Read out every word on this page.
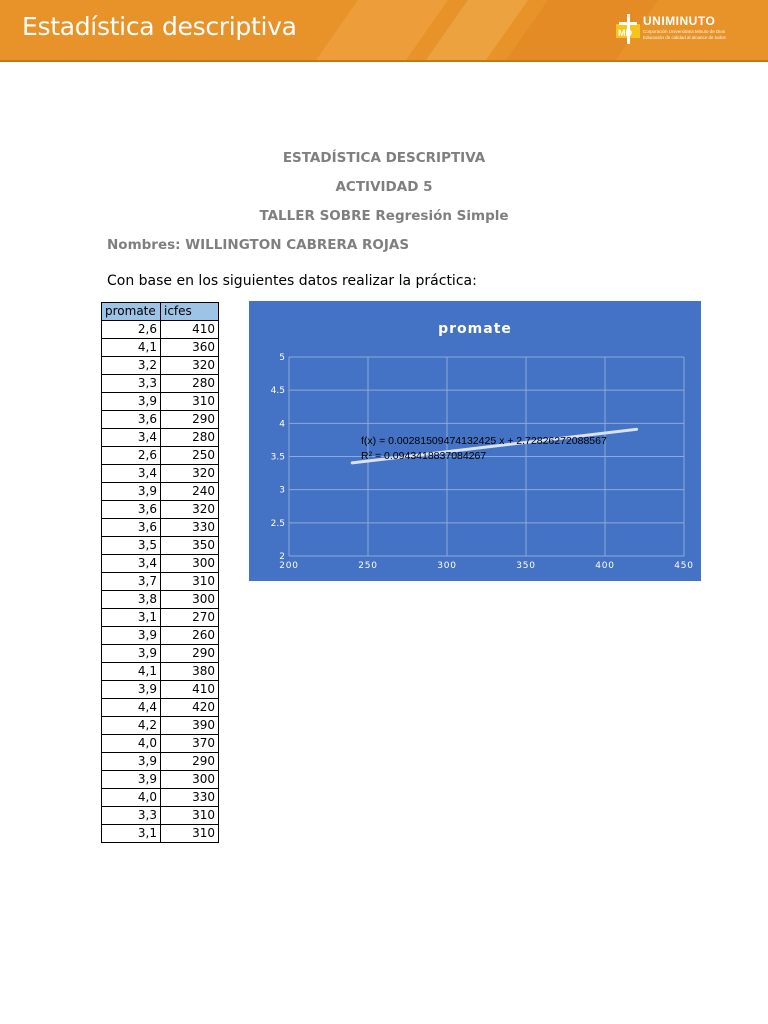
Estadística descriptiva	MD
UNIMINUTO
Corporación Universitaria Minuto de Dios
Educación de calidad al alcance de todos
ESTADÍSTICA DESCRIPTIVA
ACTIVIDAD 5
TALLER SOBRE Regresión Simple
Nombres: WILLINGTON CABRERA ROJAS
Con base en los siguientes datos realizar la práctica:
promate	icfes
2,6	410
4,1	360
3,2	320
3,3	280
3,9	310
3,6	290
3,4	280
2,6	250
3,4	320
3,9	240
3,6	320
3,6	330
3,5	350
3,4	300
3,7	310
3,8	300
3,1	270
3,9	260
3,9	290
4,1	380
3,9	410
4,4	420
4,2	390
4,0	370
3,9	290
3,9	300
4,0	330
3,3	310
3,1	310
promate
2
2.5
3
3.5
4
4.5
5
200	250	300	350	400	450
f(x) = 0.00281509474132425 x + 2.72826272088567
R² = 0.0943418837084267
